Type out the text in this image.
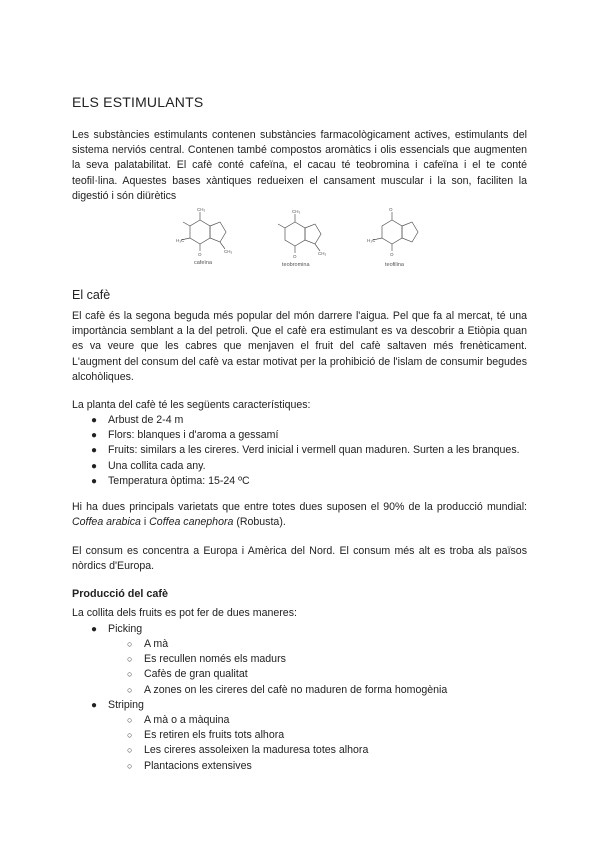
ELS ESTIMULANTS

Les substàncies estimulants contenen substàncies farmacològicament actives, estimulants del sistema nerviós central. Contenen també compostos aromàtics i olis essencials que augmenten la seva palatabilitat. El cafè conté cafeïna, el cacau té teobromina i cafeïna i el te conté teofil·lina. Aquestes bases xàntiques redueixen el cansament muscular i la son, faciliten la digestió i són diürètics

CH₃
H₃C
O
CH₃
cafeïna
CH₃
O
CH₃
teobromina
O
H₃C
O
teofilina
El cafè

El cafè és la segona beguda més popular del món darrere l'aigua. Pel que fa al mercat, té una importància semblant a la del petroli. Que el cafè era estimulant es va descobrir a Etiòpia quan es va veure que les cabres que menjaven el fruit del cafè saltaven més frenèticament. L'augment del consum del cafè va estar motivat per la prohibició de l'islam de consumir begudes alcohòliques.

La planta del cafè té les següents característiques:
● Arbust de 2-4 m
● Flors: blanques i d'aroma a gessamí
● Fruits: similars a les cireres. Verd inicial i vermell quan maduren. Surten a les branques.
● Una collita cada any.
● Temperatura òptima: 15-24 ºC

Hi ha dues principals varietats que entre totes dues suposen el 90% de la producció mundial: Coffea arabica i Coffea canephora (Robusta).

El consum es concentra a Europa i Amèrica del Nord. El consum més alt es troba als països nòrdics d'Europa.

Producció del cafè
La collita dels fruits es pot fer de dues maneres:
● Picking
○ A mà
○ Es recullen només els madurs
○ Cafès de gran qualitat
○ A zones on les cireres del cafè no maduren de forma homogènia
● Striping
○ A mà o a màquina
○ Es retiren els fruits tots alhora
○ Les cireres assoleixen la maduresa totes alhora
○ Plantacions extensives
